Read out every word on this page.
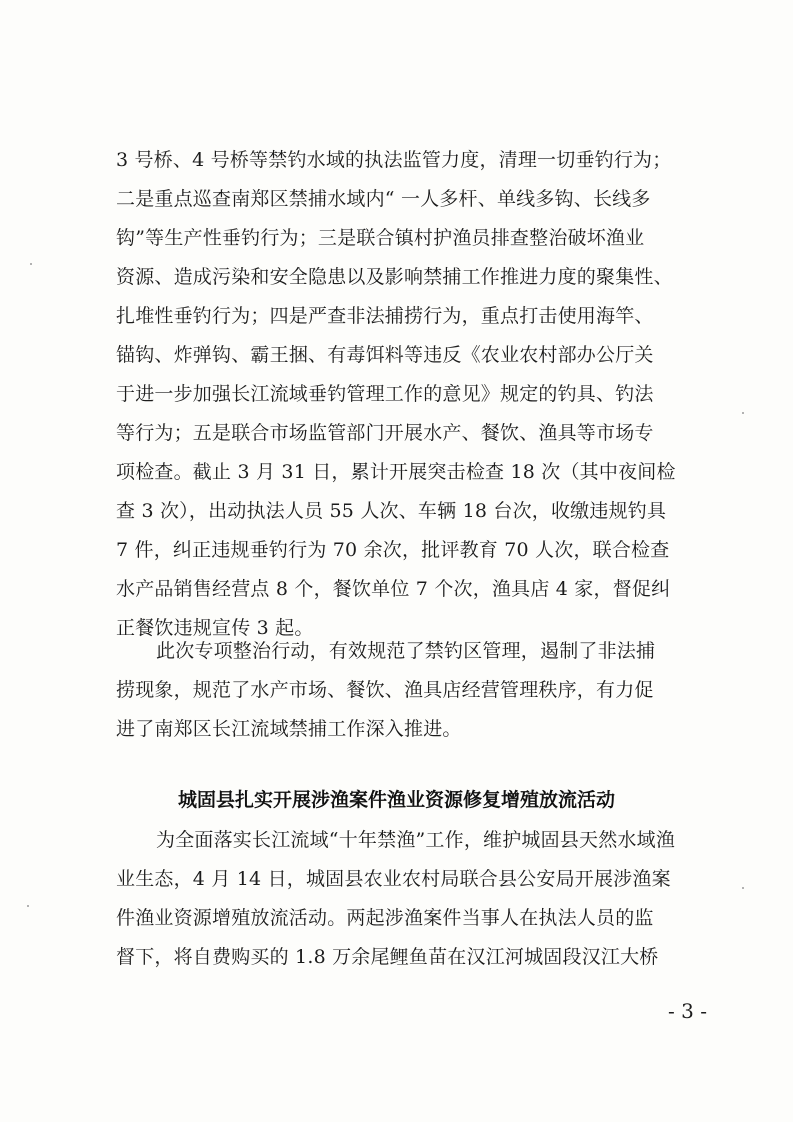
3 号桥、4 号桥等禁钓水域的执法监管力度，清理一切垂钓行为；
二是重点巡查南郑区禁捕水域内“ 一人多杆、单线多钩、长线多
钩”等生产性垂钓行为；三是联合镇村护渔员排查整治破坏渔业
资源、造成污染和安全隐患以及影响禁捕工作推进力度的聚集性、
扎堆性垂钓行为；四是严查非法捕捞行为，重点打击使用海竿、
锚钩、炸弹钩、霸王捆、有毒饵料等违反《农业农村部办公厅关
于进一步加强长江流域垂钓管理工作的意见》规定的钓具、钓法
等行为；五是联合市场监管部门开展水产、餐饮、渔具等市场专
项检查。截止 3 月 31 日，累计开展突击检查 18 次（其中夜间检
查 3 次），出动执法人员 55 人次、车辆 18 台次，收缴违规钓具
7 件，纠正违规垂钓行为 70 余次，批评教育 70 人次，联合检查
水产品销售经营点 8 个，餐饮单位 7 个次，渔具店 4 家，督促纠
正餐饮违规宣传 3 起。
此次专项整治行动，有效规范了禁钓区管理，遏制了非法捕
捞现象，规范了水产市场、餐饮、渔具店经营管理秩序，有力促
进了南郑区长江流域禁捕工作深入推进。
城固县扎实开展涉渔案件渔业资源修复增殖放流活动
为全面落实长江流域“十年禁渔”工作，维护城固县天然水域渔
业生态，4 月 14 日，城固县农业农村局联合县公安局开展涉渔案
件渔业资源增殖放流活动。两起涉渔案件当事人在执法人员的监
督下，将自费购买的 1.8 万余尾鲤鱼苗在汉江河城固段汉江大桥
- 3 -
